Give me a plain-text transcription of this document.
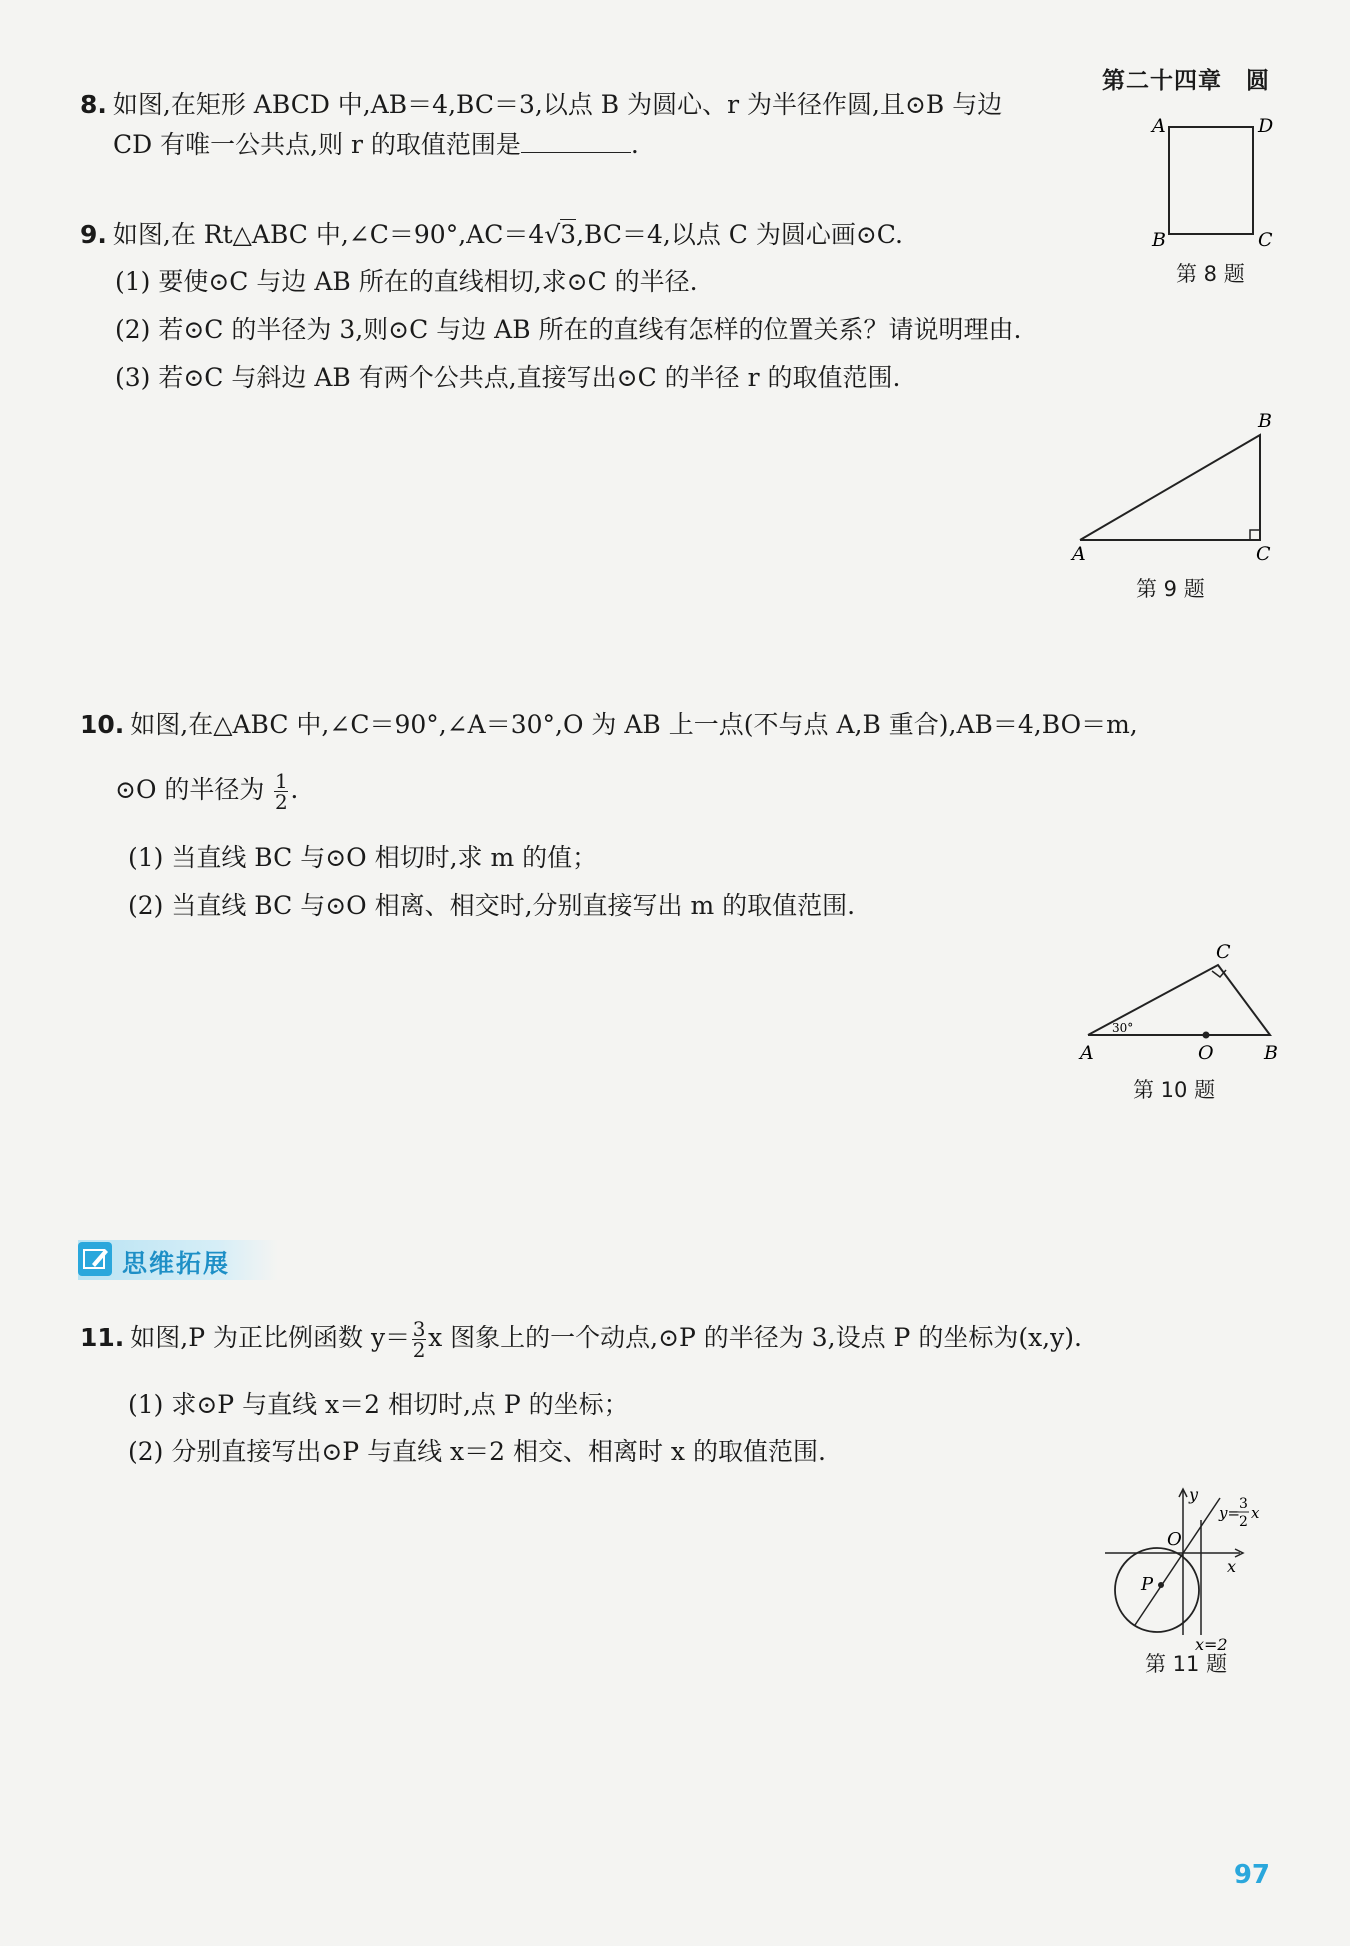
第二十四章　圆
8. 如图,在矩形 ABCD 中,AB＝4,BC＝3,以点 B 为圆心、r 为半径作圆,且⊙B 与边
CD 有唯一公共点,则 r 的取值范围是	.
A	D
B	C
第 8 题
9. 如图,在 Rt△ABC 中,∠C＝90°,AC＝4√3,BC＝4,以点 C 为圆心画⊙C.
(1) 要使⊙C 与边 AB 所在的直线相切,求⊙C 的半径.
(2) 若⊙C 的半径为 3,则⊙C 与边 AB 所在的直线有怎样的位置关系？请说明理由.
(3) 若⊙C 与斜边 AB 有两个公共点,直接写出⊙C 的半径 r 的取值范围.
A	C
B
第 9 题
10. 如图,在△ABC 中,∠C＝90°,∠A＝30°,O 为 AB 上一点(不与点 A,B 重合),AB＝4,BO＝m,
⊙O 的半径为 $\frac{1}{2}$ .
(1) 当直线 BC 与⊙O 相切时,求 m 的值；
(2) 当直线 BC 与⊙O 相离、相交时,分别直接写出 m 的取值范围.
30°
A	O	B
C
第 10 题
思维拓展
11. 如图,P 为正比例函数 $y= \frac{3}{2}$ x 图象上的一个动点,⊙P 的半径为 3,设点 P 的坐标为(x,y).
(1) 求⊙P 与直线 x＝2 相切时,点 P 的坐标；
(2) 分别直接写出⊙P 与直线 x＝2 相交、相离时 x 的取值范围.
y
x
O
P
y=
3
2 x
x=2
第 11 题
97
